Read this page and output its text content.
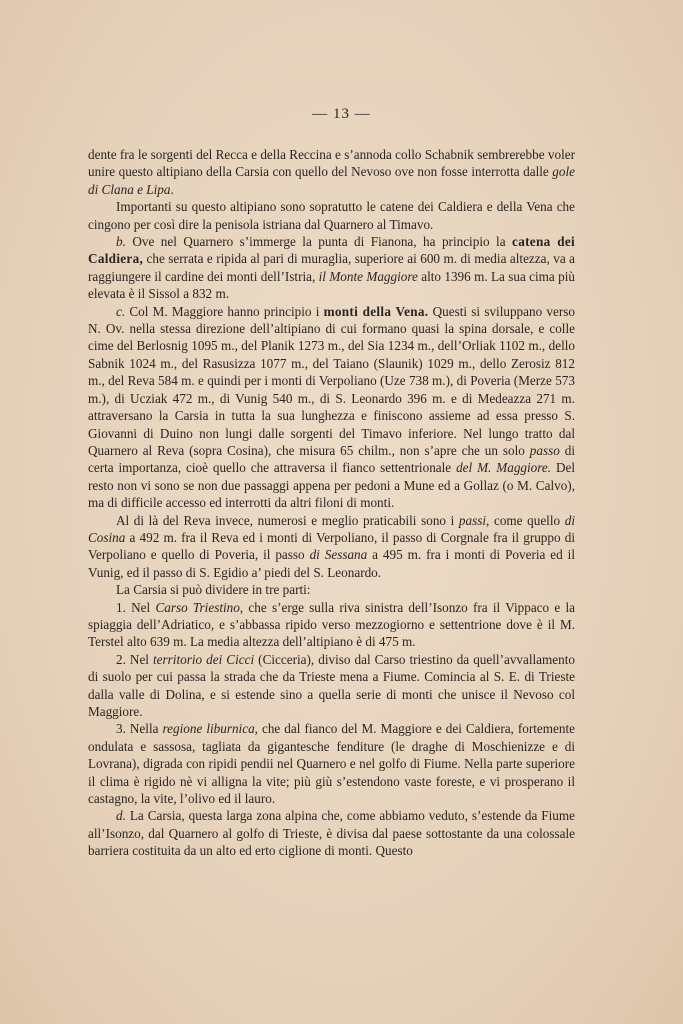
— 13 —

dente fra le sorgenti del Recca e della Reccina e s’annoda collo Schabnik sembrerebbe voler unire questo altipiano della Carsia con quello del Nevoso ove non fosse interrotta dalle gole di Clana e Lipa.

Importanti su questo altipiano sono sopratutto le catene dei Caldiera e della Vena che cingono per così dire la penisola istriana dal Quarnero al Timavo.

b. Ove nel Quarnero s’immerge la punta di Fianona, ha principio la catena dei Caldiera, che serrata e ripida al pari di muraglia, superiore ai 600 m. di media altezza, va a raggiungere il cardine dei monti dell’Istria, il Monte Maggiore alto 1396 m. La sua cima più elevata è il Sissol a 832 m.

c. Col M. Maggiore hanno principio i monti della Vena. Questi si sviluppano verso N. Ov. nella stessa direzione dell’altipiano di cui formano quasi la spina dorsale, e colle cime del Berlosnig 1095 m., del Planik 1273 m., del Sia 1234 m., dell’Orliak 1102 m., dello Sabnik 1024 m., del Rasusizza 1077 m., del Taiano (Slaunik) 1029 m., dello Zerosiz 812 m., del Reva 584 m. e quindi per i monti di Verpoliano (Uze 738 m.), di Poveria (Merze 573 m.), di Ucziak 472 m., di Vunig 540 m., di S. Leonardo 396 m. e di Medeazza 271 m. attraversano la Carsia in tutta la sua lunghezza e finiscono assieme ad essa presso S. Giovanni di Duino non lungi dalle sorgenti del Timavo inferiore. Nel lungo tratto dal Quarnero al Reva (sopra Cosina), che misura 65 chilm., non s’apre che un solo passo di certa importanza, cioè quello che attraversa il fianco settentrionale del M. Maggiore. Del resto non vi sono se non due passaggi appena per pedoni a Mune ed a Gollaz (o M. Calvo), ma di difficile accesso ed interrotti da altri filoni di monti.

Al di là del Reva invece, numerosi e meglio praticabili sono i passi, come quello di Cosina a 492 m. fra il Reva ed i monti di Verpoliano, il passo di Corgnale fra il gruppo di Verpoliano e quello di Poveria, il passo di Sessana a 495 m. fra i monti di Poveria ed il Vunig, ed il passo di S. Egidio a’ piedi del S. Leonardo.

La Carsia si può dividere in tre parti:

1. Nel Carso Triestino, che s’erge sulla riva sinistra dell’Isonzo fra il Vippaco e la spiaggia dell’Adriatico, e s’abbassa ripido verso mezzogiorno e settentrione dove è il M. Terstel alto 639 m. La media altezza dell’altipiano è di 475 m.

2. Nel territorio dei Cicci (Cicceria), diviso dal Carso triestino da quell’avvallamento di suolo per cui passa la strada che da Trieste mena a Fiume. Comincia al S. E. di Trieste dalla valle di Dolina, e si estende sino a quella serie di monti che unisce il Nevoso col Maggiore.

3. Nella regione liburnica, che dal fianco del M. Maggiore e dei Caldiera, fortemente ondulata e sassosa, tagliata da gigantesche fenditure (le draghe di Moschienizze e di Lovrana), digrada con ripidi pendii nel Quarnero e nel golfo di Fiume. Nella parte superiore il clima è rigido nè vi alligna la vite; più giù s’estendono vaste foreste, e vi prosperano il castagno, la vite, l’olivo ed il lauro.

d. La Carsia, questa larga zona alpina che, come abbiamo veduto, s’estende da Fiume all’Isonzo, dal Quarnero al golfo di Trieste, è divisa dal paese sottostante da una colossale barriera costituita da un alto ed erto ciglione di monti. Questo
